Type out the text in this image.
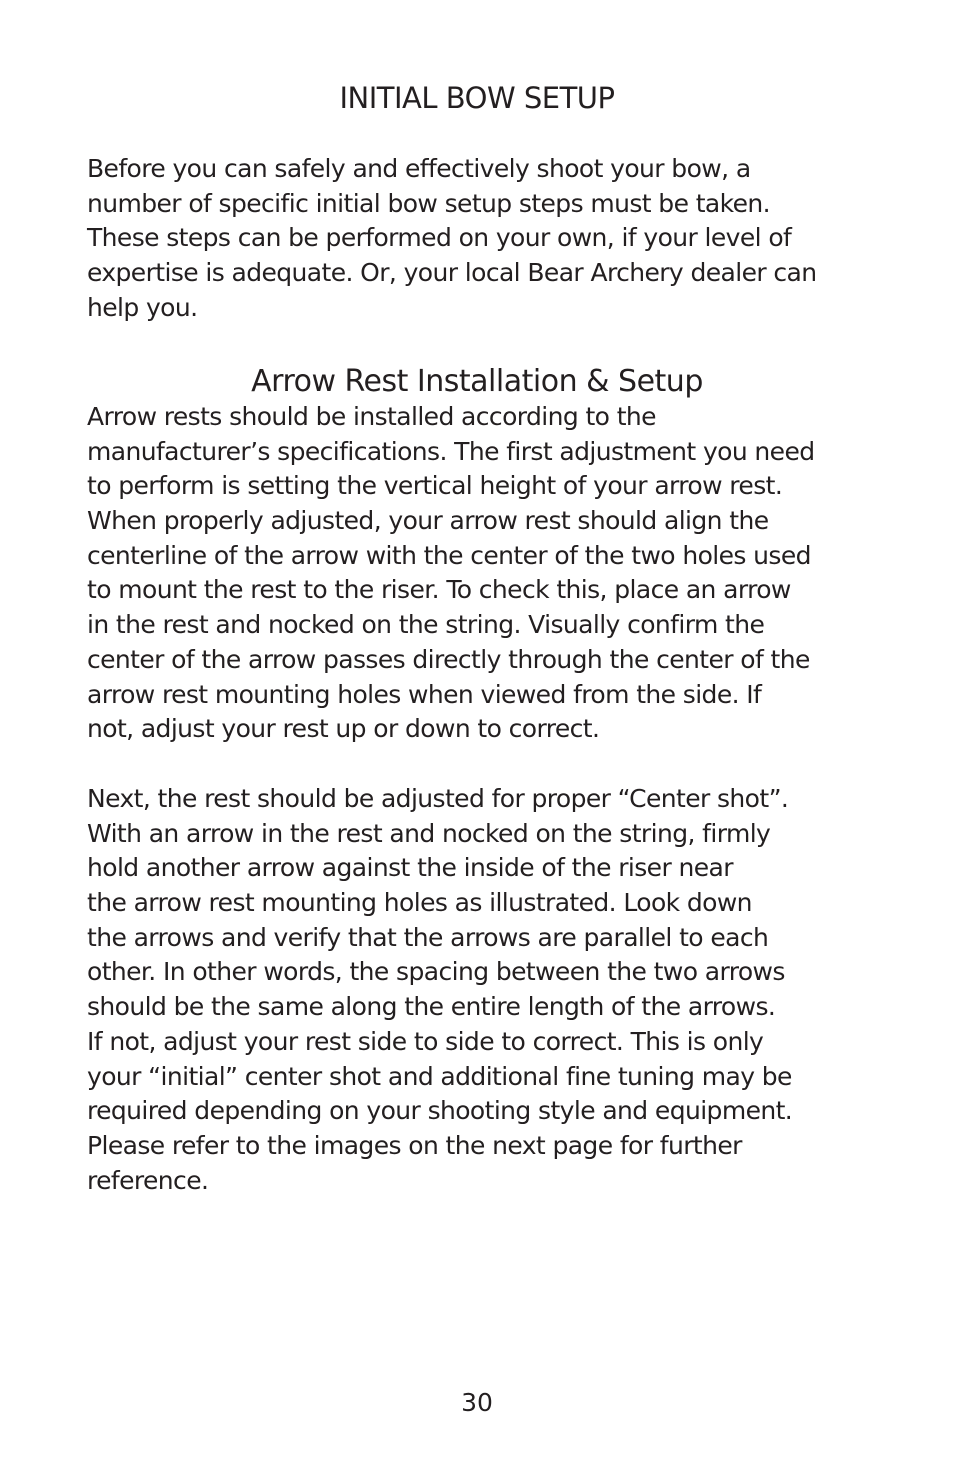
INITIAL BOW SETUP

Before you can safely and effectively shoot your bow, a
number of specific initial bow setup steps must be taken.
These steps can be performed on your own, if your level of
expertise is adequate. Or, your local Bear Archery dealer can
help you.

Arrow Rest Installation & Setup

Arrow rests should be installed according to the
manufacturer’s specifications. The first adjustment you need
to perform is setting the vertical height of your arrow rest.
When properly adjusted, your arrow rest should align the
centerline of the arrow with the center of the two holes used
to mount the rest to the riser. To check this, place an arrow
in the rest and nocked on the string. Visually confirm the
center of the arrow passes directly through the center of the
arrow rest mounting holes when viewed from the side. If
not, adjust your rest up or down to correct.

Next, the rest should be adjusted for proper “Center shot”.
With an arrow in the rest and nocked on the string, firmly
hold another arrow against the inside of the riser near
the arrow rest mounting holes as illustrated. Look down
the arrows and verify that the arrows are parallel to each
other. In other words, the spacing between the two arrows
should be the same along the entire length of the arrows.
If not, adjust your rest side to side to correct. This is only
your “initial” center shot and additional fine tuning may be
required depending on your shooting style and equipment.
Please refer to the images on the next page for further
reference.

30
